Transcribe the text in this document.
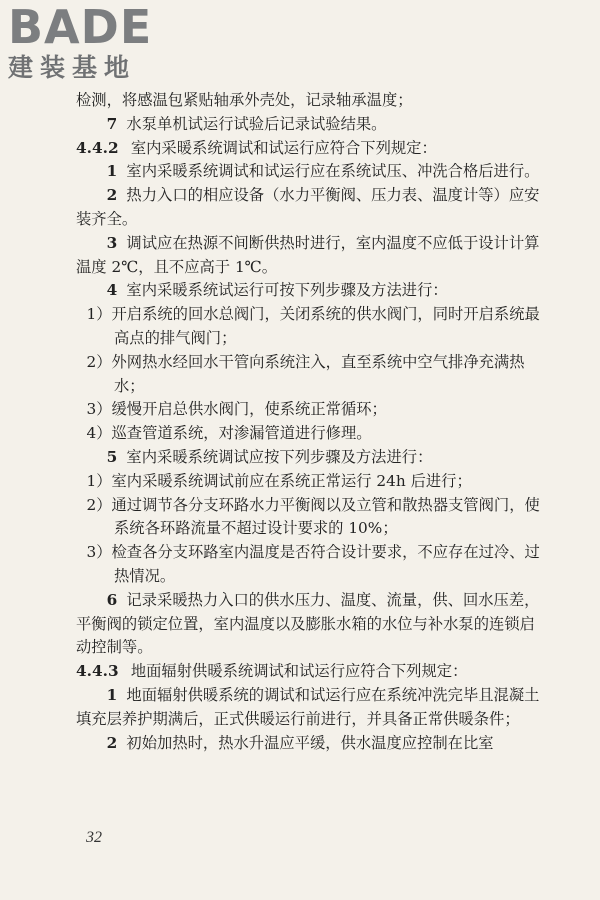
BADE
建装基地

检测，将感温包紧贴轴承外壳处，记录轴承温度；

7 水泵单机试运行试验后记录试验结果。

4.4.2 室内采暖系统调试和试运行应符合下列规定：

1 室内采暖系统调试和试运行应在系统试压、冲洗合格后进行。

2 热力入口的相应设备（水力平衡阀、压力表、温度计等）应安装齐全。

3 调试应在热源不间断供热时进行，室内温度不应低于设计计算温度 2℃，且不应高于 1℃。

4 室内采暖系统试运行可按下列步骤及方法进行：

1）开启系统的回水总阀门，关闭系统的供水阀门，同时开启系统最高点的排气阀门；

2）外网热水经回水干管向系统注入，直至系统中空气排净充满热水；

3）缓慢开启总供水阀门，使系统正常循环；

4）巡查管道系统，对渗漏管道进行修理。

5 室内采暖系统调试应按下列步骤及方法进行：

1）室内采暖系统调试前应在系统正常运行 24h 后进行；

2）通过调节各分支环路水力平衡阀以及立管和散热器支管阀门，使系统各环路流量不超过设计要求的 10%；

3）检查各分支环路室内温度是否符合设计要求，不应存在过冷、过热情况。

6 记录采暖热力入口的供水压力、温度、流量，供、回水压差，平衡阀的锁定位置，室内温度以及膨胀水箱的水位与补水泵的连锁启动控制等。

4.4.3 地面辐射供暖系统调试和试运行应符合下列规定：

1 地面辐射供暖系统的调试和试运行应在系统冲洗完毕且混凝土填充层养护期满后，正式供暖运行前进行，并具备正常供暖条件；

2 初始加热时，热水升温应平缓，供水温度应控制在比室

32
